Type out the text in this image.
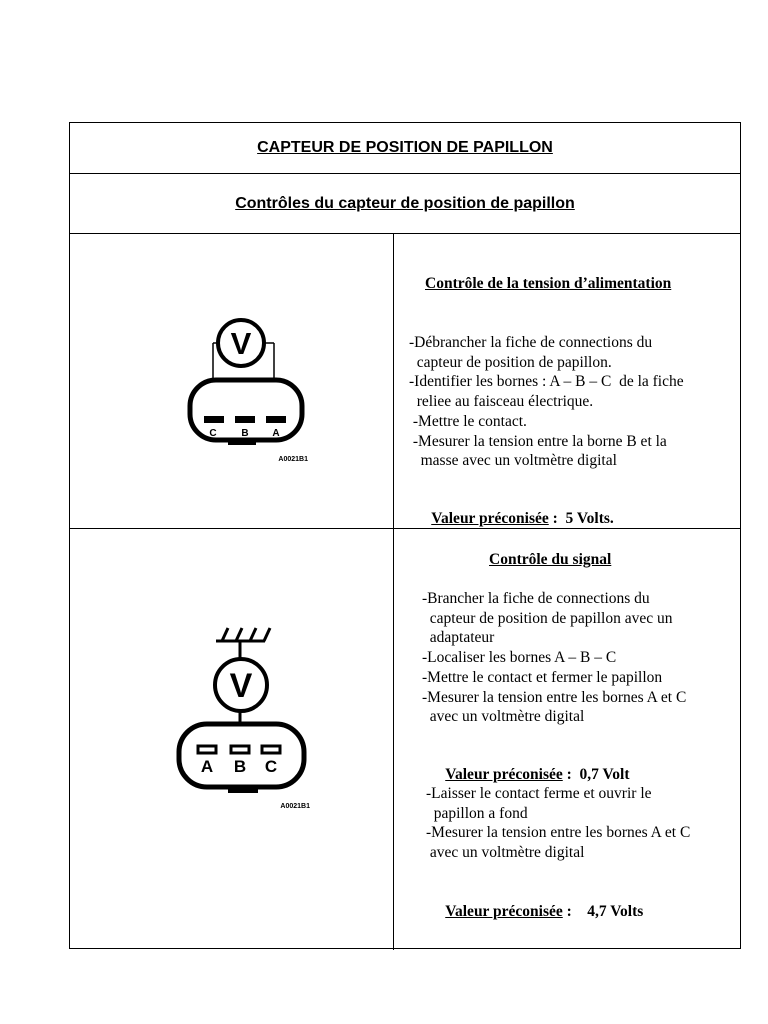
CAPTEUR DE POSITION DE PAPILLON
Contrôles du capteur de position de papillon
V
C B A
A0021B1
V
A B C
A0021B1
Contrôle de la tension d’alimentation
-Débrancher la fiche de connections du
capteur de position de papillon.
-Identifier les bornes : A – B – C  de la fiche
reliee au faisceau électrique.
-Mettre le contact.
-Mesurer la tension entre la borne B et la
masse avec un voltmètre digital

Valeur préconisée :  5 Volts.

Contrôle du signal
-Brancher la fiche de connections du
capteur de position de papillon avec un
adaptateur
-Localiser les bornes A – B – C
-Mettre le contact et fermer le papillon
-Mesurer la tension entre les bornes A et C
avec un voltmètre digital

Valeur préconisée :  0,7 Volt

-Laisser le contact ferme et ouvrir le
papillon a fond
-Mesurer la tension entre les bornes A et C
avec un voltmètre digital

Valeur préconisée :    4,7 Volts
